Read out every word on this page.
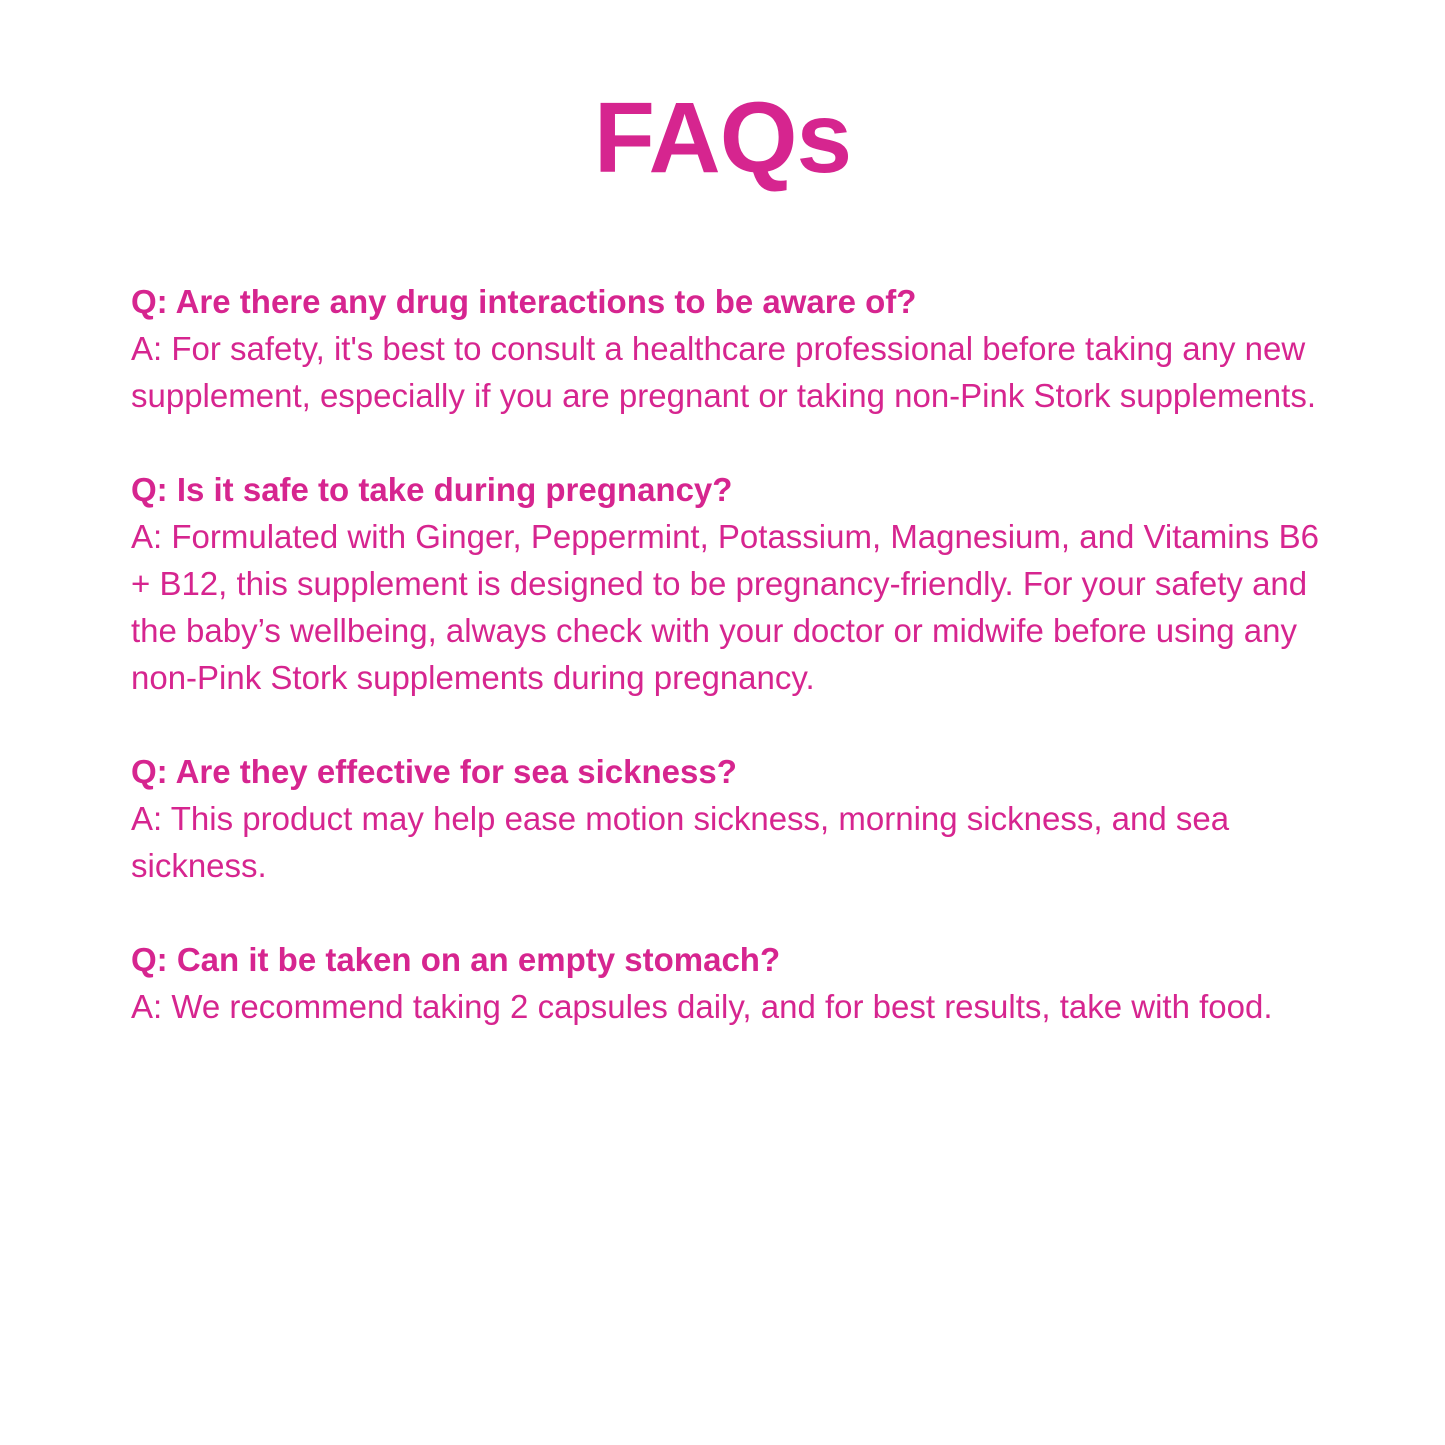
FAQs

Q: Are there any drug interactions to be aware of?

A: For safety, it's best to consult a healthcare professional before taking any new supplement, especially if you are pregnant or taking non-Pink Stork supplements.

Q: Is it safe to take during pregnancy?

A: Formulated with Ginger, Peppermint, Potassium, Magnesium, and Vitamins B6 + B12, this supplement is designed to be pregnancy-friendly. For your safety and the baby’s wellbeing, always check with your doctor or midwife before using any non-Pink Stork supplements during pregnancy.

Q: Are they effective for sea sickness?

A: This product may help ease motion sickness, morning sickness, and sea sickness.

Q: Can it be taken on an empty stomach?

A: We recommend taking 2 capsules daily, and for best results, take with food.
